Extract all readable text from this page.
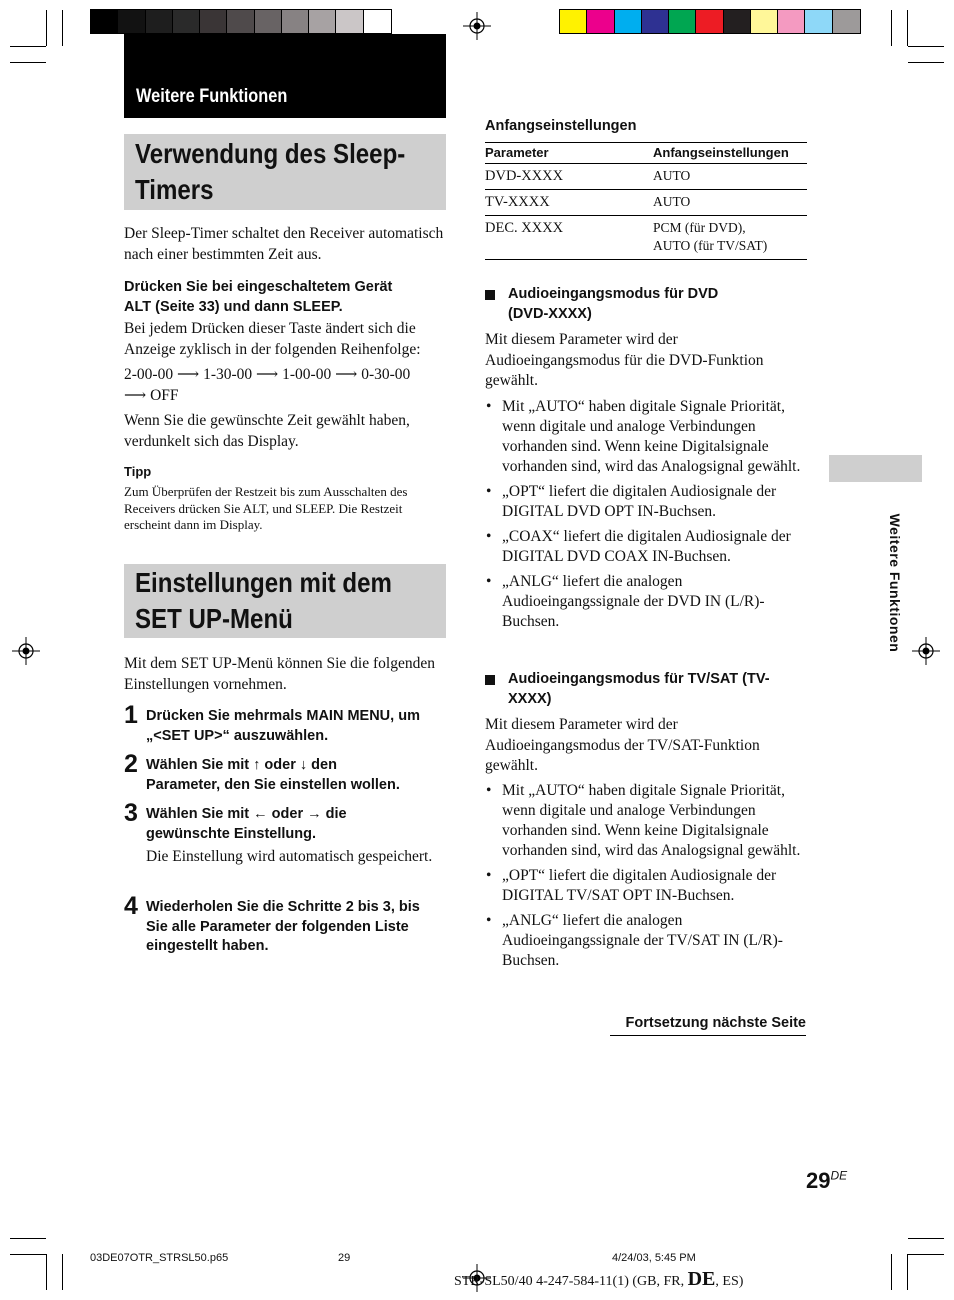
Weitere Funktionen
Verwendung des Sleep-
Timers
Der Sleep-Timer schaltet den Receiver automatisch nach einer bestimmten Zeit aus.
Drücken Sie bei eingeschaltetem Gerät
ALT (Seite 33) und dann SLEEP.
Bei jedem Drücken dieser Taste ändert sich die Anzeige zyklisch in der folgenden Reihenfolge:
2-00-00 ⟶ 1-30-00 ⟶ 1-00-00 ⟶ 0-30-00
⟶ OFF
Wenn Sie die gewünschte Zeit gewählt haben, verdunkelt sich das Display.
Tipp
Zum Überprüfen der Restzeit bis zum Ausschalten des Receivers drücken Sie ALT, und SLEEP. Die Restzeit erscheint dann im Display.
Einstellungen mit dem
SET UP-Menü
Mit dem SET UP-Menü können Sie die folgenden Einstellungen vornehmen.
1 Drücken Sie mehrmals MAIN MENU, um
„<SET UP>“ auszuwählen.
2 Wählen Sie mit ↑ oder ↓ den
Parameter, den Sie einstellen wollen.
3 Wählen Sie mit ← oder → die
gewünschte Einstellung.
Die Einstellung wird automatisch gespeichert.
4 Wiederholen Sie die Schritte 2 bis 3, bis
Sie alle Parameter der folgenden Liste
eingestellt haben.
Anfangseinstellungen
Parameter	Anfangseinstellungen
DVD-XXXX	AUTO
TV-XXXX	AUTO
DEC. XXXX	PCM (für DVD),
AUTO (für TV/SAT)
Audioeingangsmodus für DVD
(DVD-XXXX)
Mit diesem Parameter wird der Audioeingangsmodus für die DVD-Funktion gewählt.
• Mit „AUTO“ haben digitale Signale Priorität, wenn digitale und analoge Verbindungen vorhanden sind. Wenn keine Digitalsignale vorhanden sind, wird das Analogsignal gewählt.
• „OPT“ liefert die digitalen Audiosignale der DIGITAL DVD OPT IN-Buchsen.
• „COAX“ liefert die digitalen Audiosignale der DIGITAL DVD COAX IN-Buchsen.
• „ANLG“ liefert die analogen Audioeingangssignale der DVD IN (L/R)-Buchsen.
Audioeingangsmodus für TV/SAT (TV-
XXXX)
Mit diesem Parameter wird der Audioeingangsmodus der TV/SAT-Funktion gewählt.
• Mit „AUTO“ haben digitale Signale Priorität, wenn digitale und analoge Verbindungen vorhanden sind. Wenn keine Digitalsignale vorhanden sind, wird das Analogsignal gewählt.
• „OPT“ liefert die digitalen Audiosignale der DIGITAL TV/SAT OPT IN-Buchsen.
• „ANLG“ liefert die analogen Audioeingangssignale der TV/SAT IN (L/R)-Buchsen.
Fortsetzung nächste Seite
Weitere Funktionen
29DE
03DE07OTR_STRSL50.p65	29	4/24/03, 5:45 PM
STR-SL50/40 4-247-584-11(1) (GB, FR, DE, ES)
